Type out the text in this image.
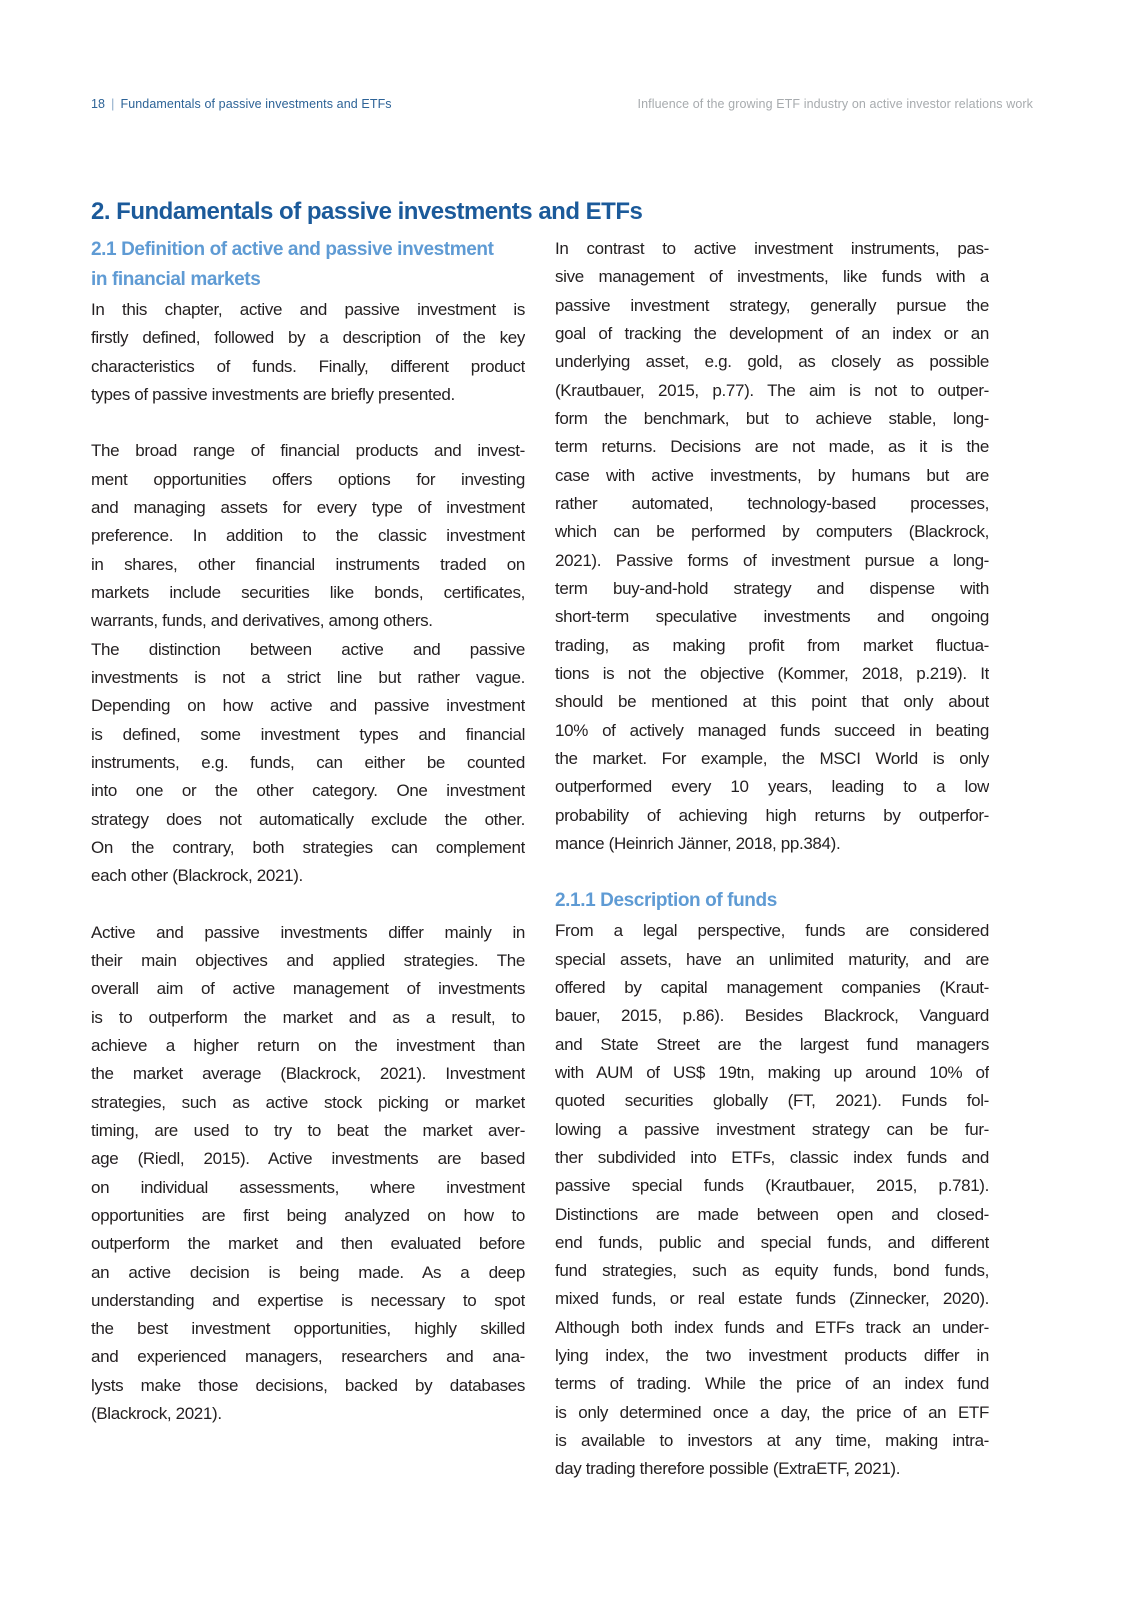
18 | Fundamentals of passive investments and ETFs	Influence of the growing ETF industry on active investor relations work
2. Fundamentals of passive investments and ETFs
2.1 Definition of active and passive investment
in financial markets
In this chapter, active and passive investment is
firstly defined, followed by a description of the key
characteristics of funds. Finally, different product
types of passive investments are briefly presented.
The broad range of financial products and invest-
ment opportunities offers options for investing
and managing assets for every type of investment
preference. In addition to the classic investment
in shares, other financial instruments traded on
markets include securities like bonds, certificates,
warrants, funds, and derivatives, among others.
The distinction between active and passive
investments is not a strict line but rather vague.
Depending on how active and passive investment
is defined, some investment types and financial
instruments, e.g. funds, can either be counted
into one or the other category. One investment
strategy does not automatically exclude the other.
On the contrary, both strategies can complement
each other (Blackrock, 2021).
Active and passive investments differ mainly in
their main objectives and applied strategies. The
overall aim of active management of investments
is to outperform the market and as a result, to
achieve a higher return on the investment than
the market average (Blackrock, 2021). Investment
strategies, such as active stock picking or market
timing, are used to try to beat the market aver-
age (Riedl, 2015). Active investments are based
on individual assessments, where investment
opportunities are first being analyzed on how to
outperform the market and then evaluated before
an active decision is being made. As a deep
understanding and expertise is necessary to spot
the best investment opportunities, highly skilled
and experienced managers, researchers and ana-
lysts make those decisions, backed by databases
(Blackrock, 2021).
In contrast to active investment instruments, pas-
sive management of investments, like funds with a
passive investment strategy, generally pursue the
goal of tracking the development of an index or an
underlying asset, e.g. gold, as closely as possible
(Krautbauer, 2015, p.77). The aim is not to outper-
form the benchmark, but to achieve stable, long-
term returns. Decisions are not made, as it is the
case with active investments, by humans but are
rather automated, technology-based processes,
which can be performed by computers (Blackrock,
2021). Passive forms of investment pursue a long-
term buy-and-hold strategy and dispense with
short-term speculative investments and ongoing
trading, as making profit from market fluctua-
tions is not the objective (Kommer, 2018, p.219). It
should be mentioned at this point that only about
10% of actively managed funds succeed in beating
the market. For example, the MSCI World is only
outperformed every 10 years, leading to a low
probability of achieving high returns by outperfor-
mance (Heinrich Jänner, 2018, pp.384).
2.1.1 Description of funds
From a legal perspective, funds are considered
special assets, have an unlimited maturity, and are
offered by capital management companies (Kraut-
bauer, 2015, p.86). Besides Blackrock, Vanguard
and State Street are the largest fund managers
with AUM of US$ 19tn, making up around 10% of
quoted securities globally (FT, 2021). Funds fol-
lowing a passive investment strategy can be fur-
ther subdivided into ETFs, classic index funds and
passive special funds (Krautbauer, 2015, p.781).
Distinctions are made between open and closed-
end funds, public and special funds, and different
fund strategies, such as equity funds, bond funds,
mixed funds, or real estate funds (Zinnecker, 2020).
Although both index funds and ETFs track an under-
lying index, the two investment products differ in
terms of trading. While the price of an index fund
is only determined once a day, the price of an ETF
is available to investors at any time, making intra-
day trading therefore possible (ExtraETF, 2021).
